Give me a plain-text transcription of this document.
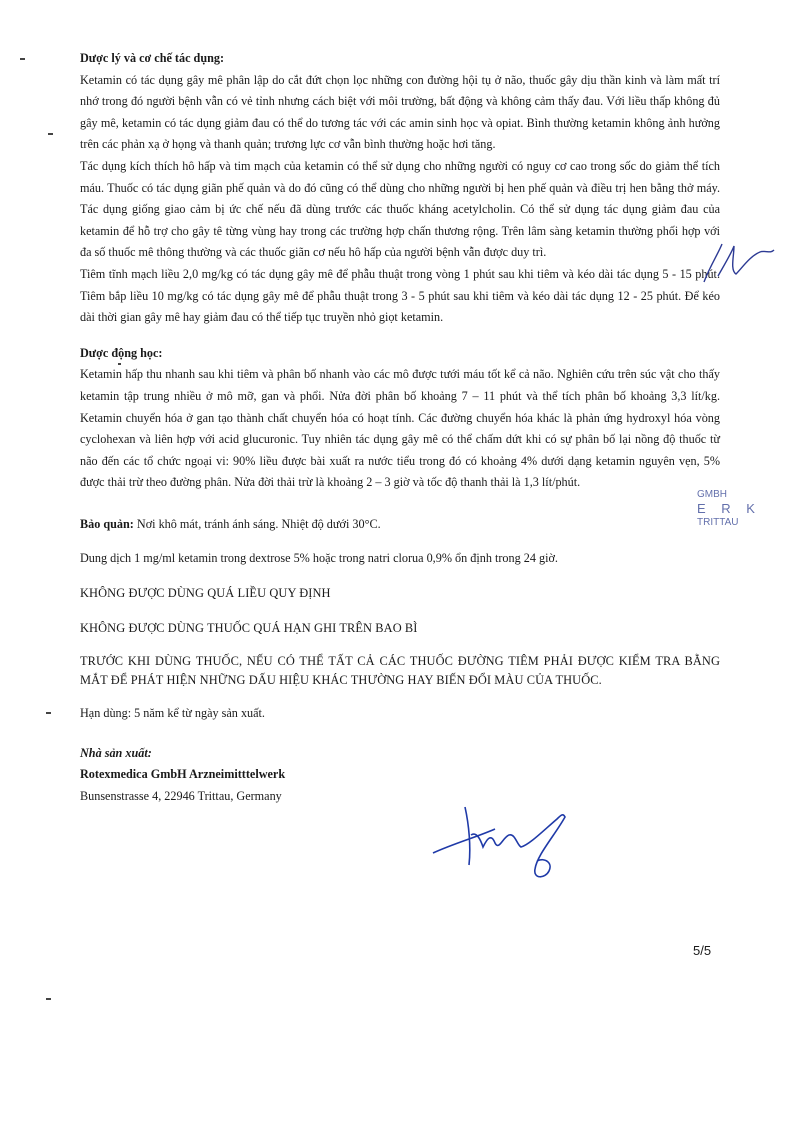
Dược lý và cơ chế tác dụng:
Ketamin có tác dụng gây mê phân lập do cắt đứt chọn lọc những con đường hội tụ ở não, thuốc gây dịu thần kinh và làm mất trí nhớ trong đó người bệnh vẫn có vẻ tỉnh nhưng cách biệt với môi trường, bất động và không cảm thấy đau. Với liều thấp không đủ gây mê, ketamin có tác dụng giảm đau có thể do tương tác với các amin sinh học và opiat. Bình thường ketamin không ảnh hưởng trên các phản xạ ở họng và thanh quản; trương lực cơ vẫn bình thường hoặc hơi tăng.
Tác dụng kích thích hô hấp và tim mạch của ketamin có thể sử dụng cho những người có nguy cơ cao trong sốc do giảm thể tích máu. Thuốc có tác dụng giãn phế quản và do đó cũng có thể dùng cho những người bị hen phế quản và điều trị hen bằng thở máy. Tác dụng giống giao cảm bị ức chế nếu đã dùng trước các thuốc kháng acetylcholin. Có thể sử dụng tác dụng giảm đau của ketamin để hỗ trợ cho gây tê từng vùng hay trong các trường hợp chấn thương rộng. Trên lâm sàng ketamin thường phối hợp với đa số thuốc mê thông thường và các thuốc giãn cơ nếu hô hấp của người bệnh vẫn được duy trì.
Tiêm tĩnh mạch liều 2,0 mg/kg có tác dụng gây mê để phẫu thuật trong vòng 1 phút sau khi tiêm và kéo dài tác dụng 5 - 15 phút. Tiêm bắp liều 10 mg/kg có tác dụng gây mê để phẫu thuật trong 3 - 5 phút sau khi tiêm và kéo dài tác dụng 12 - 25 phút. Để kéo dài thời gian gây mê hay giảm đau có thể tiếp tục truyền nhỏ giọt ketamin.
Dược động học:
Ketamin hấp thu nhanh sau khi tiêm và phân bố nhanh vào các mô được tưới máu tốt kể cả não. Nghiên cứu trên súc vật cho thấy ketamin tập trung nhiều ở mô mỡ, gan và phổi. Nửa đời phân bố khoảng 7 – 11 phút và thể tích phân bố khoảng 3,3 lít/kg. Ketamin chuyển hóa ở gan tạo thành chất chuyển hóa có hoạt tính. Các đường chuyển hóa khác là phản ứng hydroxyl hóa vòng cyclohexan và liên hợp với acid glucuronic. Tuy nhiên tác dụng gây mê có thể chấm dứt khi có sự phân bố lại nồng độ thuốc từ não đến các tổ chức ngoại vi: 90% liều được bài xuất ra nước tiểu trong đó có khoảng 4% dưới dạng ketamin nguyên vẹn, 5% được thải trừ theo đường phân. Nửa đời thải trừ là khoảng 2 – 3 giờ và tốc độ thanh thải là 1,3 lít/phút.
Bảo quản: Nơi khô mát, tránh ánh sáng. Nhiệt độ dưới 30°C.
Dung dịch 1 mg/ml ketamin trong dextrose 5% hoặc trong natri clorua 0,9% ổn định trong 24 giờ.
KHÔNG ĐƯỢC DÙNG QUÁ LIỀU QUY ĐỊNH
KHÔNG ĐƯỢC DÙNG THUỐC QUÁ HẠN GHI TRÊN BAO BÌ
TRƯỚC KHI DÙNG THUỐC, NẾU CÓ THỂ TẤT CẢ CÁC THUỐC ĐƯỜNG TIÊM PHẢI ĐƯỢC KIỂM TRA BẰNG MẮT ĐỂ PHÁT HIỆN NHỮNG DẤU HIỆU KHÁC THƯỜNG HAY BIẾN ĐỔI MÀU CỦA THUỐC.
Hạn dùng: 5 năm kể từ ngày sản xuất.
Nhà sản xuất:
Rotexmedica GmbH Arzneimitttelwerk
Bunsenstrasse 4, 22946 Trittau, Germany
GMBH
E R K
TRITTAU
5/5
